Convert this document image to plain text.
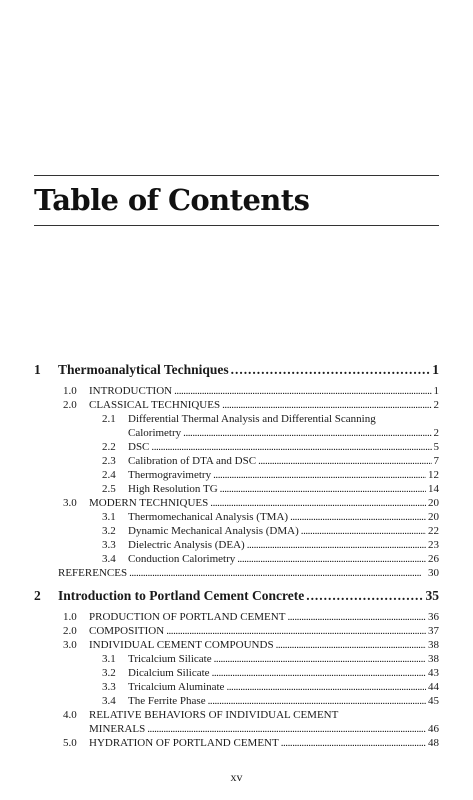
Table of Contents
1	Thermoanalytical Techniques . . .	1
1.0	INTRODUCTION . . .	1
2.0	CLASSICAL TECHNIQUES . . .	2
2.1	Differential Thermal Analysis and Differential Scanning
Calorimetry . . .	2
2.2	DSC . . .	5
2.3	Calibration of DTA and DSC . . .	7
2.4	Thermogravimetry . . .	12
2.5	High Resolution TG . . .	14
3.0	MODERN TECHNIQUES . . .	20
3.1	Thermomechanical Analysis (TMA) . . .	20
3.2	Dynamic Mechanical Analysis (DMA) . . .	22
3.3	Dielectric Analysis (DEA) . . .	23
3.4	Conduction Calorimetry . . .	26
REFERENCES . . .	30
2	Introduction to Portland Cement Concrete . . .	35
1.0	PRODUCTION OF PORTLAND CEMENT . . .	36
2.0	COMPOSITION . . .	37
3.0	INDIVIDUAL CEMENT COMPOUNDS . . .	38
3.1	Tricalcium Silicate . . .	38
3.2	Dicalcium Silicate . . .	43
3.3	Tricalcium Aluminate . . .	44
3.4	The Ferrite Phase . . .	45
4.0	RELATIVE BEHAVIORS OF INDIVIDUAL CEMENT
MINERALS . . .	46
5.0	HYDRATION OF PORTLAND CEMENT . . .	48
xv
